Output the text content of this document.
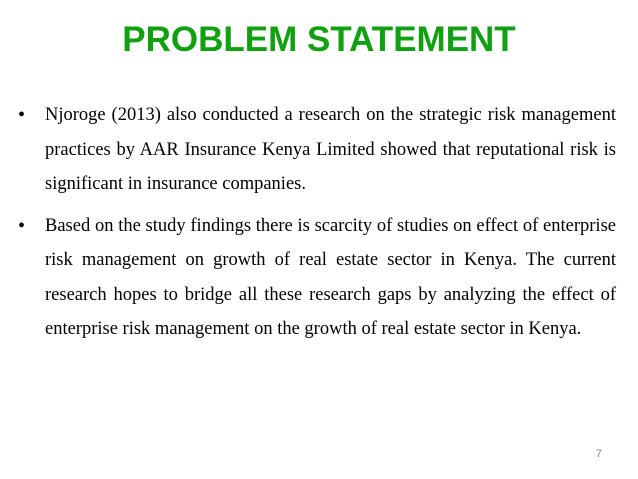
PROBLEM STATEMENT
• Njoroge (2013) also conducted a research on the strategic risk management practices by AAR Insurance Kenya Limited showed that reputational risk is significant in insurance companies.
• Based on the study findings there is scarcity of studies on effect of enterprise risk management on growth of real estate sector in Kenya. The current research hopes to bridge all these research gaps by analyzing the effect of enterprise risk management on the growth of real estate sector in Kenya.
7
